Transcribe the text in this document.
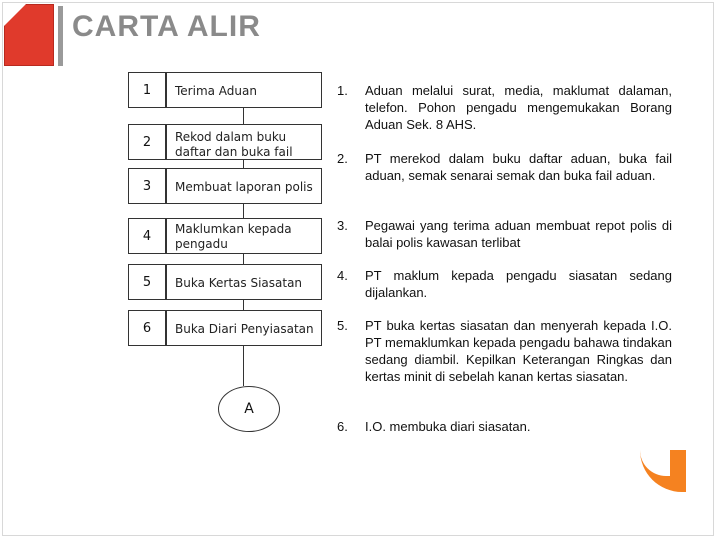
CARTA ALIR
1	Terima Aduan
2	Rekod dalam buku daftar dan buka fail
3	Membuat laporan polis
4	Maklumkan kepada pengadu
5	Buka Kertas Siasatan
6	Buka Diari Penyiasatan
A
1.	Aduan melalui surat, media, maklumat dalaman, telefon. Pohon pengadu mengemukakan Borang Aduan Sek. 8 AHS.
2.	PT merekod dalam buku daftar aduan, buka fail aduan, semak senarai semak dan buka fail aduan.
3.	Pegawai yang terima aduan membuat repot polis di balai polis kawasan terlibat
4.	PT maklum kepada pengadu siasatan sedang dijalankan.
5.	PT buka kertas siasatan dan menyerah kepada I.O. PT memaklumkan kepada pengadu bahawa tindakan sedang diambil. Kepilkan Keterangan Ringkas dan kertas minit di sebelah kanan kertas siasatan.
6.	I.O. membuka diari siasatan.
